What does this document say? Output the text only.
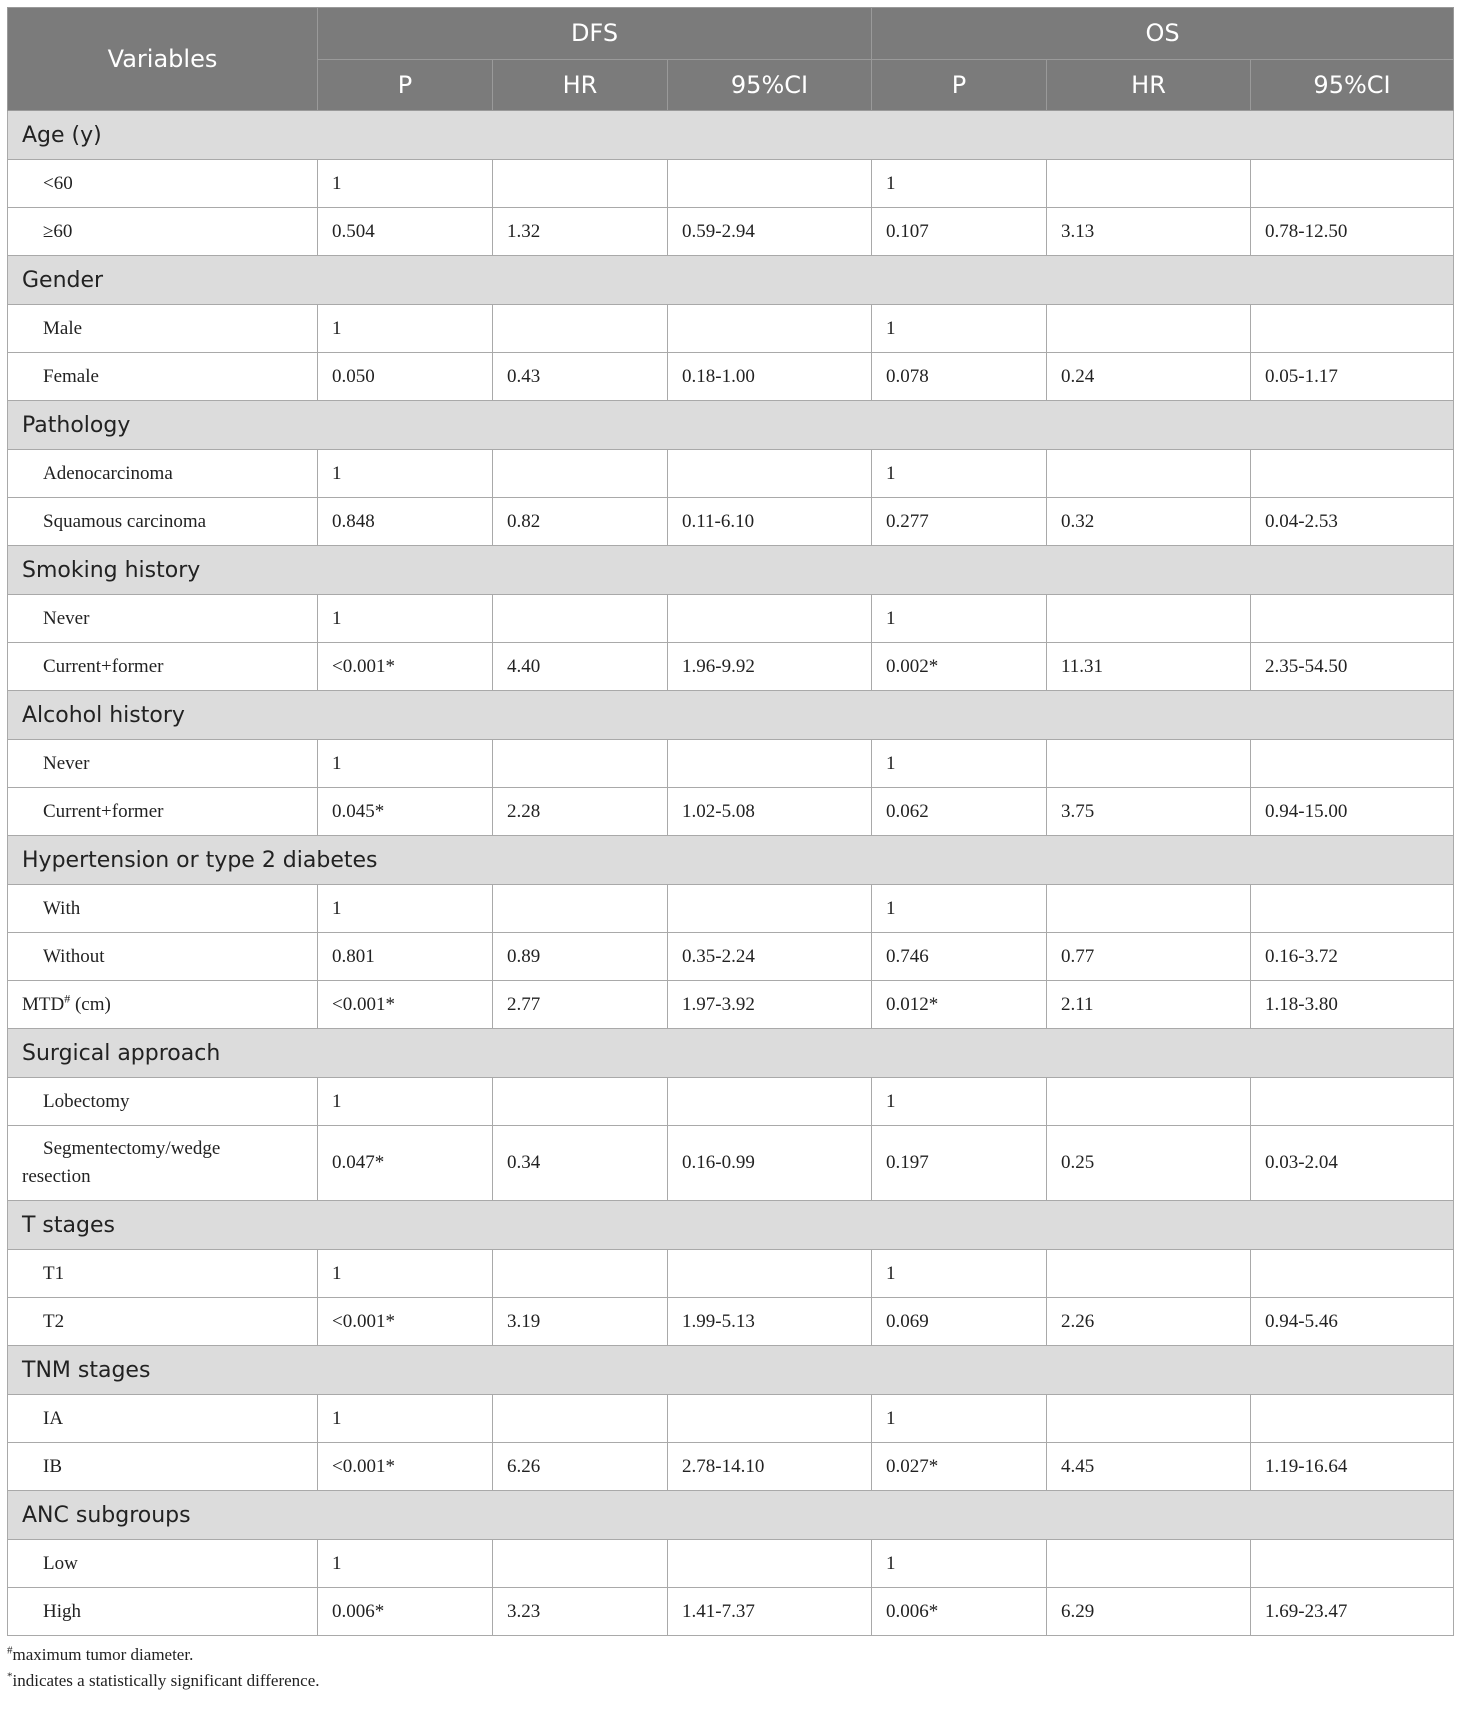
Variables	DFS			OS		
	P	HR	95%CI	P	HR	95%CI
Age (y)						
<60	1			1		
≥60	0.504	1.32	0.59-2.94	0.107	3.13	0.78-12.50
Gender						
Male	1			1		
Female	0.050	0.43	0.18-1.00	0.078	0.24	0.05-1.17
Pathology						
Adenocarcinoma	1			1		
Squamous carcinoma	0.848	0.82	0.11-6.10	0.277	0.32	0.04-2.53
Smoking history						
Never	1			1		
Current+former	<0.001*	4.40	1.96-9.92	0.002*	11.31	2.35-54.50
Alcohol history						
Never	1			1		
Current+former	0.045*	2.28	1.02-5.08	0.062	3.75	0.94-15.00
Hypertension or type 2 diabetes						
With	1			1		
Without	0.801	0.89	0.35-2.24	0.746	0.77	0.16-3.72
MTD# (cm)	<0.001*	2.77	1.97-3.92	0.012*	2.11	1.18-3.80
Surgical approach						
Lobectomy	1			1		
Segmentectomy/wedge
resection	0.047*	0.34	0.16-0.99	0.197	0.25	0.03-2.04
T stages						
T1	1			1		
T2	<0.001*	3.19	1.99-5.13	0.069	2.26	0.94-5.46
TNM stages						
IA	1			1		
IB	<0.001*	6.26	2.78-14.10	0.027*	4.45	1.19-16.64
ANC subgroups						
Low	1			1		
High	0.006*	3.23	1.41-7.37	0.006*	6.29	1.69-23.47
#maximum tumor diameter.
*indicates a statistically significant difference.
